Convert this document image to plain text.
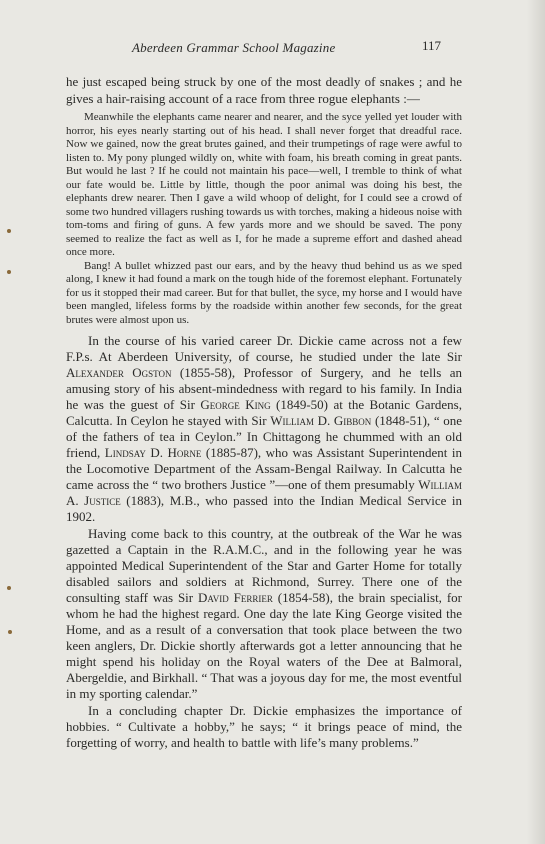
Aberdeen Grammar School Magazine	117

he just escaped being struck by one of the most deadly of snakes ; and he gives a hair-raising account of a race from three rogue elephants :—

Meanwhile the elephants came nearer and nearer, and the syce yelled yet louder with horror, his eyes nearly starting out of his head. I shall never forget that dreadful race. Now we gained, now the great brutes gained, and their trumpetings of rage were awful to listen to. My pony plunged wildly on, white with foam, his breath coming in great pants. But would he last ? If he could not maintain his pace—well, I tremble to think of what our fate would be. Little by little, though the poor animal was doing his best, the elephants drew nearer. Then I gave a wild whoop of delight, for I could see a crowd of some two hundred villagers rushing towards us with torches, making a hideous noise with tom-toms and firing of guns. A few yards more and we should be saved. The pony seemed to realize the fact as well as I, for he made a supreme effort and dashed ahead once more.

Bang! A bullet whizzed past our ears, and by the heavy thud behind us as we sped along, I knew it had found a mark on the tough hide of the foremost elephant. Fortunately for us it stopped their mad career. But for that bullet, the syce, my horse and I would have been mangled, lifeless forms by the roadside within another few seconds, for the great brutes were almost upon us.

In the course of his varied career Dr. Dickie came across not a few F.P.s. At Aberdeen University, of course, he studied under the late Sir Alexander Ogston (1855-58), Professor of Surgery, and he tells an amusing story of his absent-mindedness with regard to his family. In India he was the guest of Sir George King (1849-50) at the Botanic Gardens, Calcutta. In Ceylon he stayed with Sir William D. Gibbon (1848-51), “ one of the fathers of tea in Ceylon.” In Chittagong he chummed with an old friend, Lindsay D. Horne (1885-87), who was Assistant Superintendent in the Locomotive Department of the Assam-Bengal Railway. In Calcutta he came across the “ two brothers Justice ”—one of them presumably William A. Justice (1883), M.B., who passed into the Indian Medical Service in 1902.

Having come back to this country, at the outbreak of the War he was gazetted a Captain in the R.A.M.C., and in the following year he was appointed Medical Superintendent of the Star and Garter Home for totally disabled sailors and soldiers at Richmond, Surrey. There one of the consulting staff was Sir David Ferrier (1854-58), the brain specialist, for whom he had the highest regard. One day the late King George visited the Home, and as a result of a conversation that took place between the two keen anglers, Dr. Dickie shortly afterwards got a letter announcing that he might spend his holiday on the Royal waters of the Dee at Balmoral, Abergeldie, and Birkhall. “ That was a joyous day for me, the most eventful in my sporting calendar.”

In a concluding chapter Dr. Dickie emphasizes the importance of hobbies. “ Cultivate a hobby,” he says; “ it brings peace of mind, the forgetting of worry, and health to battle with life’s many problems.”
